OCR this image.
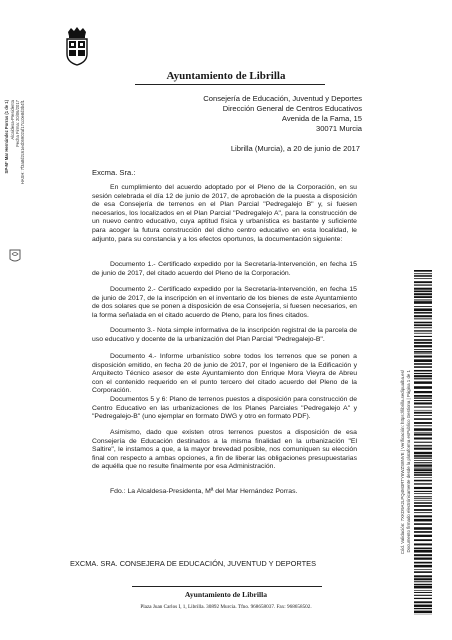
Ayuntamiento de Librilla
Consejería de Educación, Juventud y Deportes
Dirección General de Centros Educativos
Avenida de la Fama, 15
30071 Murcia
Librilla (Murcia), a 20 de junio de 2017
Excma. Sra.:
En cumplimiento del acuerdo adoptado por el Pleno de la Corporación, en su sesión celebrada el día 12 de junio de 2017, de aprobación de la puesta a disposición de esa Consejería de terrenos en el Plan Parcial "Pedregalejo B" y, si fuesen necesarios, los localizados en el Plan Parcial "Pedregalejo A", para la construcción de un nuevo centro educativo, cuya aptitud física y urbanística es bastante y suficiente para acoger la futura construcción del dicho centro educativo en esta localidad, le adjunto, para su constancia y a los efectos oportunos, la documentación siguiente:
Documento 1.- Certificado expedido por la Secretaría-Intervención, en fecha 15 de junio de 2017, del citado acuerdo del Pleno de la Corporación.
Documento 2.- Certificado expedido por la Secretaría-Intervención, en fecha 15 de junio de 2017, de la inscripción en el inventario de los bienes de este Ayuntamiento de dos solares que se ponen a disposición de esa Consejería, si fuesen necesarios, en la forma señalada en el citado acuerdo de Pleno, para los fines citados.
Documento 3.- Nota simple informativa de la inscripción registral de la parcela de uso educativo y docente de la urbanización del Plan Parcial "Pedregalejo-B".
Documento 4.- Informe urbanístico sobre todos los terrenos que se ponen a disposición emitido, en fecha 20 de junio de 2017, por el Ingeniero de la Edificación y Arquitecto Técnico asesor de este Ayuntamiento don Enrique Mora Vieyra de Abreu con el contenido requerido en el punto tercero del citado acuerdo del Pleno de la Corporación.
Documentos 5 y 6: Plano de terrenos puestos a disposición para construcción de Centro Educativo en las urbanizaciones de los Planes Parciales "Pedregalejo A" y "Pedregalejo-B" (uno ejemplar en formato DWG y otro en formato PDF).
Asimismo, dado que existen otros terrenos puestos a disposición de esa Consejería de Educación destinados a la misma finalidad en la urbanización "El Saltire", le instamos a que, a la mayor brevedad posible, nos comuniquen su elección final con respecto a ambas opciones, a fin de liberar las obligaciones presupuestarias de aquélla que no resulte finalmente por esa Administración.
Fdo.: La Alcaldesa-Presidenta, Mª del Mar Hernández Porras.
EXCMA. SRA. CONSEJERA DE EDUCACIÓN, JUVENTUD Y DEPORTES
Ayuntamiento de Librilla
Plaza Juan Carlos I, 1, Librilla. 30892 Murcia. Tfno. 968658037. Fax: 968658502.
SP-Mª Mar Hernández Porras (1 de 1) Alcaldesa-Presidenta Fecha Firma: 20/06/2017 HASH: 7f3a8d2c61e4b5902af17cc0e8d3b4f1
Cód. Validación: 7XKD9A2LPQ4M3RTY6WZS8NVE | Verificación: https://librilla.sedipualba.es/ Documento firmado electrónicamente desde la plataforma esPublico Gestiona | Página 1 de 1
